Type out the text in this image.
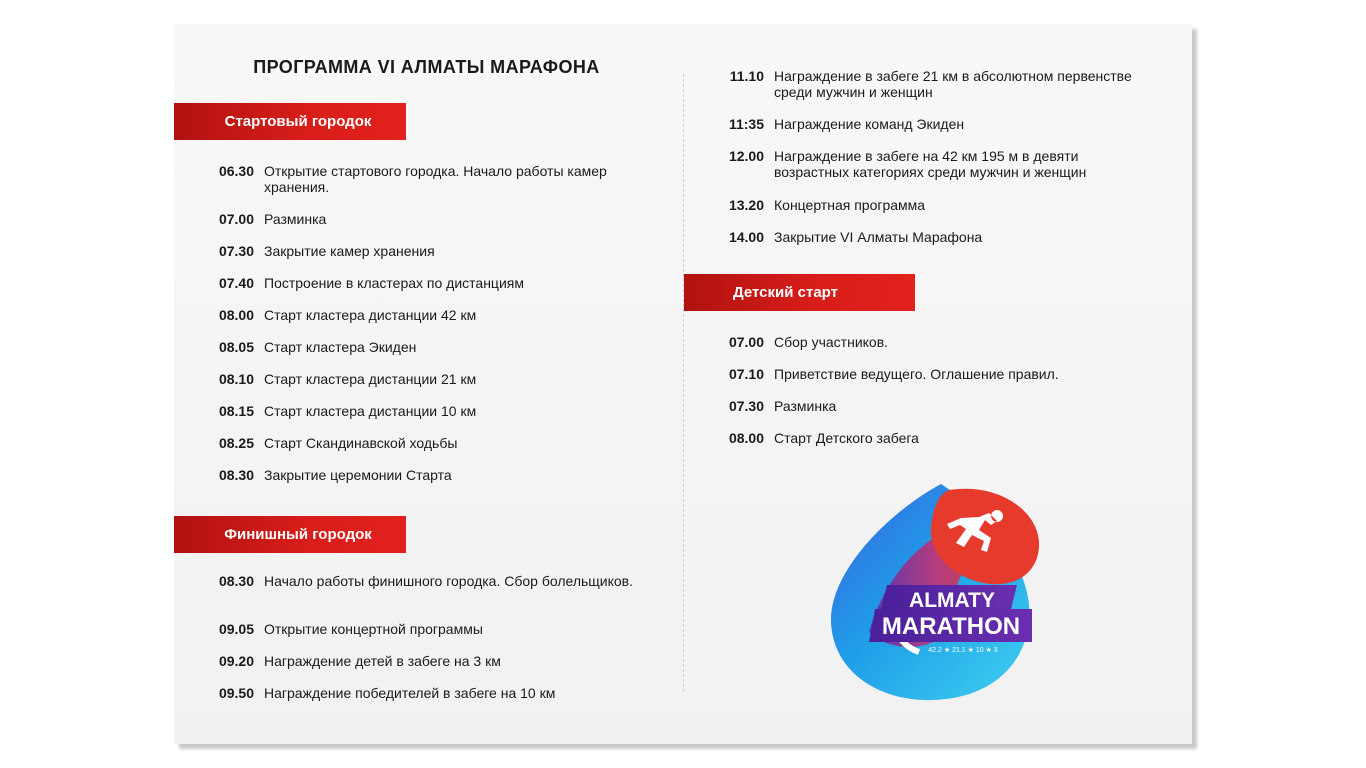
ПРОГРАММА VI АЛМАТЫ МАРАФОНА
Стартовый городок
06.30 Открытие стартового городка. Начало работы камер хранения.
07.00 Разминка
07.30 Закрытие камер хранения
07.40 Построение в кластерах по дистанциям
08.00 Старт кластера дистанции 42 км
08.05 Старт кластера Экиден
08.10 Старт кластера дистанции 21 км
08.15 Старт кластера дистанции 10 км
08.25 Старт Скандинавской ходьбы
08.30 Закрытие церемонии Старта
Финишный городок
08.30 Начало работы финишного городка. Сбор болельщиков.
09.05 Открытие концертной программы
09.20 Награждение детей в забеге на 3 км
09.50 Награждение победителей в забеге на 10 км
11.10 Награждение в забеге 21 км в абсолютном первенстве среди мужчин и женщин
11:35 Награждение команд Экиден
12.00 Награждение в забеге на 42 км 195 м в девяти возрастных категориях среди мужчин и женщин
13.20 Концертная программа
14.00 Закрытие VI Алматы Марафона
Детский старт
07.00 Сбор участников.
07.10 Приветствие ведущего. Оглашение правил.
07.30 Разминка
08.00 Старт Детского забега
ALMATY
MARATHON
42.2 ★ 21.1 ★ 10 ★ 3
